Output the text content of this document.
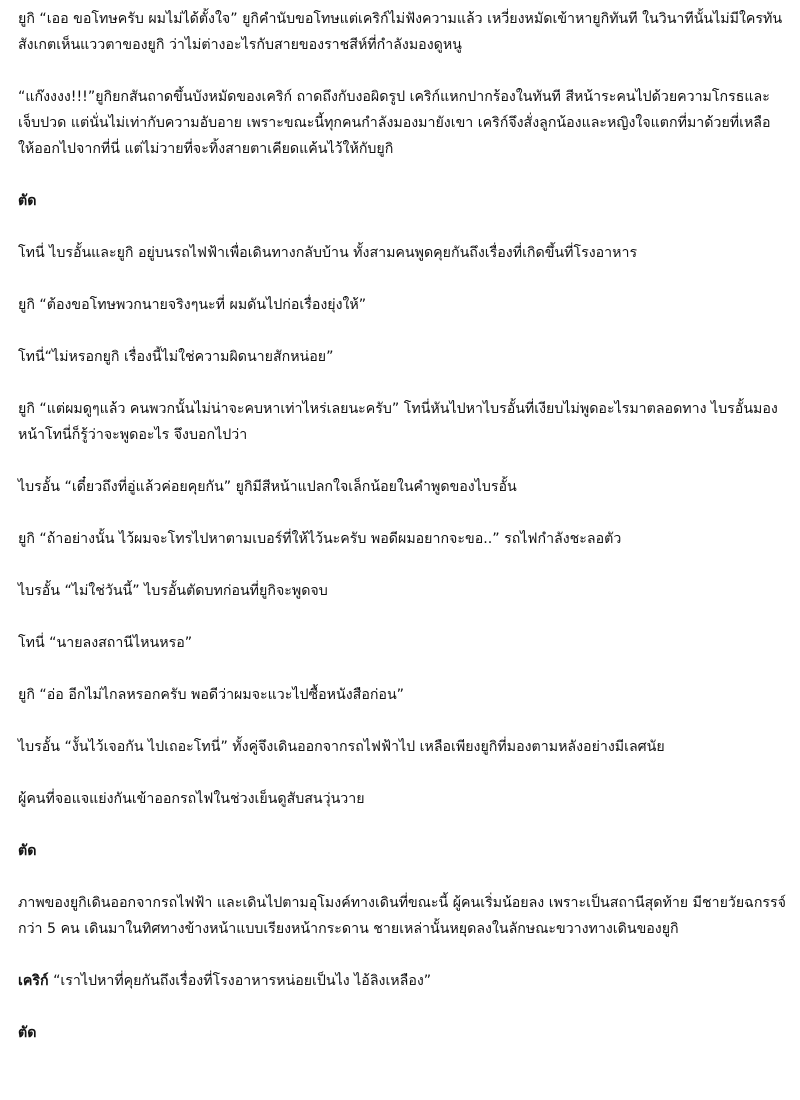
ยูกิ “เออ ขอโทษครับ ผมไม่ได้ตั้งใจ” ยูกิคำนับขอโทษแต่เคริก์ไม่ฟังความแล้ว เหวี่ยงหมัดเข้าหายูกิทันที ในวินาทีนั้นไม่มีใครทันสังเกตเห็นแววตาของยูกิ ว่าไม่ต่างอะไรกับสายของราชสีห์ที่กำลังมองดูหนู

“แก๊งงงง!!!”ยูกิยกสันถาดขึ้นบังหมัดของเคริก์ ถาดถึงกับงอผิดรูป เคริก์แหกปากร้องในทันที สีหน้าระคนไปด้วยความโกรธและเจ็บปวด แต่นั่นไม่เท่ากับความอับอาย เพราะขณะนี้ทุกคนกำลังมองมายังเขา เคริก์จึงสั่งลูกน้องและหญิงใจแตกที่มาด้วยที่เหลือให้ออกไปจากที่นี่ แต่ไม่วายที่จะทิ้งสายตาเคียดแค้นไว้ให้กับยูกิ

ตัด

โทนี่ ไบรอั้นและยูกิ อยู่บนรถไฟฟ้าเพื่อเดินทางกลับบ้าน ทั้งสามคนพูดคุยกันถึงเรื่องที่เกิดขึ้นที่โรงอาหาร

ยูกิ “ต้องขอโทษพวกนายจริงๆนะที่ ผมดันไปก่อเรื่องยุ่งให้”

โทนี่“ไม่หรอกยูกิ เรื่องนี้ไม่ใช่ความผิดนายสักหน่อย”

ยูกิ “แต่ผมดูๆแล้ว คนพวกนั้นไม่น่าจะคบหาเท่าไหร่เลยนะครับ” โทนี่หันไปหาไบรอั้นที่เงียบไม่พูดอะไรมาตลอดทาง ไบรอั้นมองหน้าโทนี่ก็รู้ว่าจะพูดอะไร จึงบอกไปว่า

ไบรอั้น “เดี๋ยวถึงที่อู่แล้วค่อยคุยกัน” ยูกิมีสีหน้าแปลกใจเล็กน้อยในคำพูดของไบรอั้น

ยูกิ “ถ้าอย่างนั้น ไว้ผมจะโทรไปหาตามเบอร์ที่ให้ไว้นะครับ พอดีผมอยากจะขอ..” รถไฟกำลังชะลอตัว

ไบรอั้น “ไม่ใช่วันนี้” ไบรอั้นตัดบทก่อนที่ยูกิจะพูดจบ

โทนี่ “นายลงสถานีไหนหรอ”

ยูกิ “อ่อ อีกไม่ไกลหรอกครับ พอดีว่าผมจะแวะไปซื้อหนังสือก่อน”

ไบรอั้น “งั้นไว้เจอกัน ไปเถอะโทนี่” ทั้งคู่จึงเดินออกจากรถไฟฟ้าไป เหลือเพียงยูกิที่มองตามหลังอย่างมีเลศนัย

ผู้คนที่จอแจแย่งกันเข้าออกรถไฟในช่วงเย็นดูสับสนวุ่นวาย

ตัด

ภาพของยูกิเดินออกจากรถไฟฟ้า และเดินไปตามอุโมงค์ทางเดินที่ขณะนี้ ผู้คนเริ่มน้อยลง เพราะเป็นสถานีสุดท้าย มีชายวัยฉกรรจ์กว่า 5 คน เดินมาในทิศทางข้างหน้าแบบเรียงหน้ากระดาน ชายเหล่านั้นหยุดลงในลักษณะขวางทางเดินของยูกิ

เคริก์ “เราไปหาที่คุยกันถึงเรื่องที่โรงอาหารหน่อยเป็นไง ไอ้ลิงเหลือง”

ตัด
